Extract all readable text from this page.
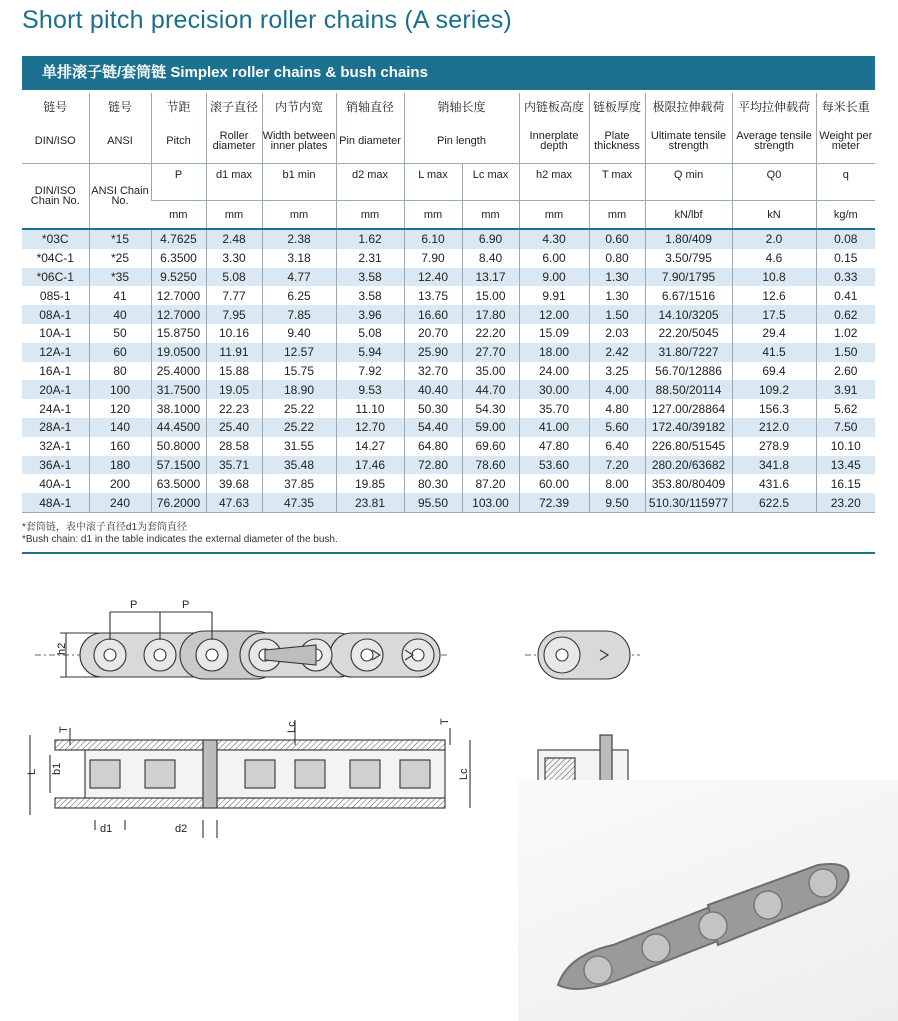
Short pitch precision roller chains (A series)
单排滚子链/套筒链 Simplex roller chains & bush chains
链号	链号	节距	滚子直径	内节内宽	销轴直径	销轴长度		内链板高度	链板厚度	极限拉伸载荷	平均拉伸载荷	每米长重
DIN/ISO	ANSI	Pitch	Roller diameter	Width between inner plates	Pin diameter	Pin length		Innerplate depth	Plate thickness	Ultimate tensile strength	Average tensile strength	Weight per meter
DIN/ISO Chain No.	ANSI Chain No.	P	d1 max	b1 min	d2 max	L max	Lc max	h2 max	T max	Q min	Q0	q
		mm	mm	mm	mm	mm	mm	mm	mm	kN/lbf	kN	kg/m
*03C	*15	4.7625	2.48	2.38	1.62	6.10	6.90	4.30	0.60	1.80/409	2.0	0.08
*04C-1	*25	6.3500	3.30	3.18	2.31	7.90	8.40	6.00	0.80	3.50/795	4.6	0.15
*06C-1	*35	9.5250	5.08	4.77	3.58	12.40	13.17	9.00	1.30	7.90/1795	10.8	0.33
085-1	41	12.7000	7.77	6.25	3.58	13.75	15.00	9.91	1.30	6.67/1516	12.6	0.41
08A-1	40	12.7000	7.95	7.85	3.96	16.60	17.80	12.00	1.50	14.10/3205	17.5	0.62
10A-1	50	15.8750	10.16	9.40	5.08	20.70	22.20	15.09	2.03	22.20/5045	29.4	1.02
12A-1	60	19.0500	11.91	12.57	5.94	25.90	27.70	18.00	2.42	31.80/7227	41.5	1.50
16A-1	80	25.4000	15.88	15.75	7.92	32.70	35.00	24.00	3.25	56.70/12886	69.4	2.60
20A-1	100	31.7500	19.05	18.90	9.53	40.40	44.70	30.00	4.00	88.50/20114	109.2	3.91
24A-1	120	38.1000	22.23	25.22	11.10	50.30	54.30	35.70	4.80	127.00/28864	156.3	5.62
28A-1	140	44.4500	25.40	25.22	12.70	54.40	59.00	41.00	5.60	172.40/39182	212.0	7.50
32A-1	160	50.8000	28.58	31.55	14.27	64.80	69.60	47.80	6.40	226.80/51545	278.9	10.10
36A-1	180	57.1500	35.71	35.48	17.46	72.80	78.60	53.60	7.20	280.20/63682	341.8	13.45
40A-1	200	63.5000	39.68	37.85	19.85	80.30	87.20	60.00	8.00	353.80/80409	431.6	16.15
48A-1	240	76.2000	47.63	47.35	23.81	95.50	103.00	72.39	9.50	510.30/115977	622.5	23.20
*套筒链，表中滚子直径d1为套筒直径
*Bush chain: d1 in the table indicates the external diameter of the bush.
P	P
h2
T	Lc	T
L b1	Lc
d1	d2
